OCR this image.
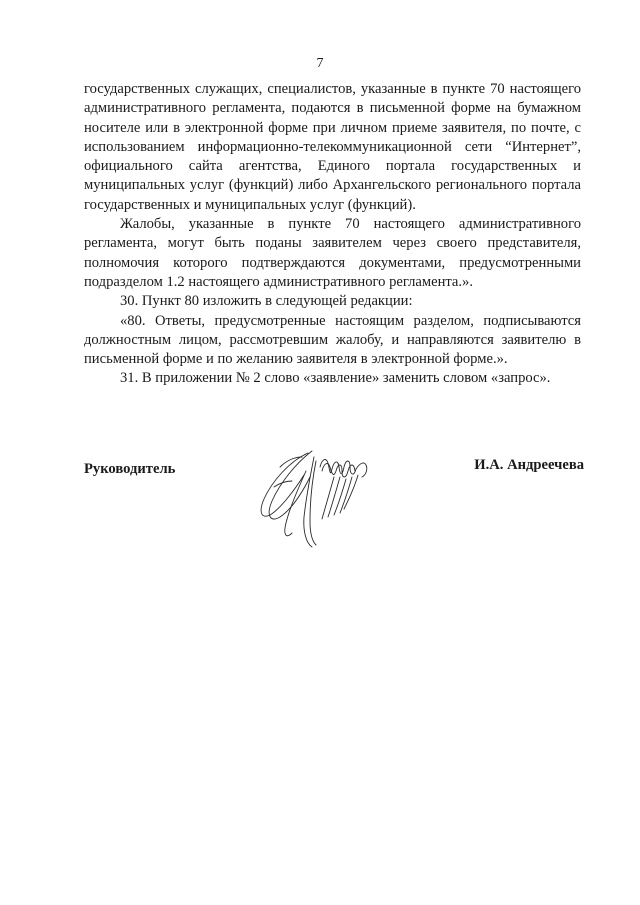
7

государственных служащих, специалистов, указанные в пункте 70 настоящего административного регламента, подаются в письменной форме на бумажном носителе или в электронной форме при личном приеме заявителя, по почте, с использованием информационно-телекоммуникационной сети “Интернет”, официального сайта агентства, Единого портала государственных и муниципальных услуг (функций) либо Архангельского регионального портала государственных и муниципальных услуг (функций).

Жалобы, указанные в пункте 70 настоящего административного регламента, могут быть поданы заявителем через своего представителя, полномочия которого подтверждаются документами, предусмотренными подразделом 1.2 настоящего административного регламента.».

30. Пункт 80 изложить в следующей редакции:

«80. Ответы, предусмотренные настоящим разделом, подписываются должностным лицом, рассмотревшим жалобу, и направляются заявителю в письменной форме и по желанию заявителя в электронной форме.».

31. В приложении № 2 слово «заявление» заменить словом «запрос».

Руководитель	И.А. Андреечева
